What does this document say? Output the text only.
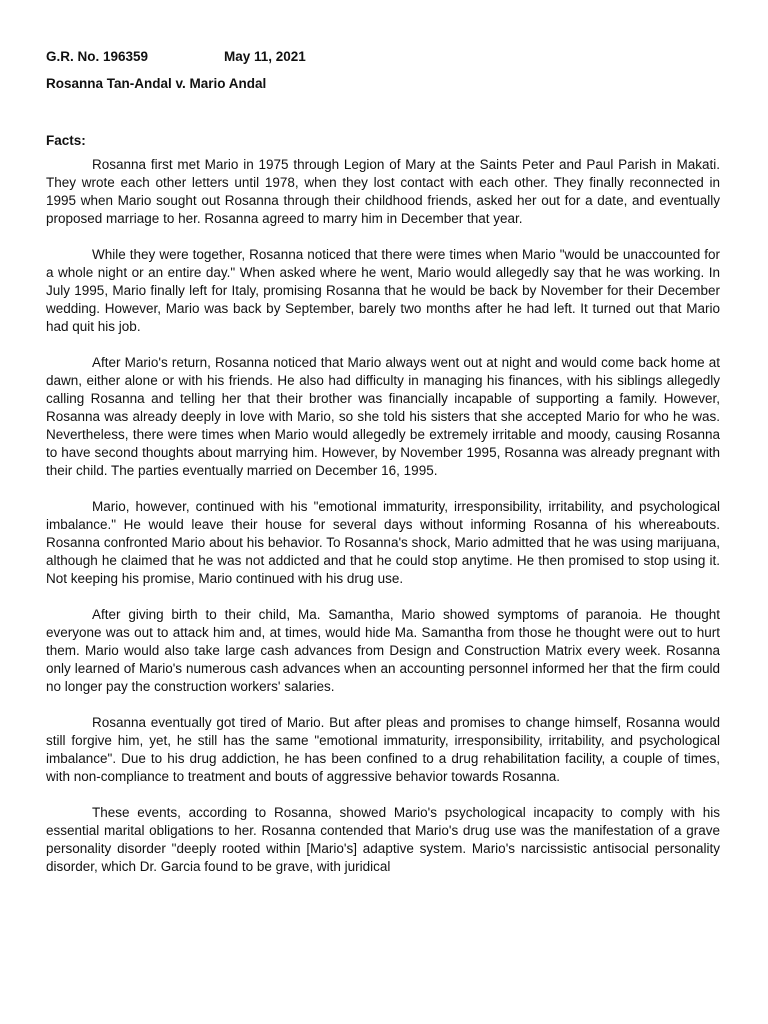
G.R. No. 196359	May 11, 2021
Rosanna Tan-Andal v. Mario Andal
Facts:

Rosanna first met Mario in 1975 through Legion of Mary at the Saints Peter and Paul Parish in Makati. They wrote each other letters until 1978, when they lost contact with each other. They finally reconnected in 1995 when Mario sought out Rosanna through their childhood friends, asked her out for a date, and eventually proposed marriage to her. Rosanna agreed to marry him in December that year.

While they were together, Rosanna noticed that there were times when Mario "would be unaccounted for a whole night or an entire day." When asked where he went, Mario would allegedly say that he was working. In July 1995, Mario finally left for Italy, promising Rosanna that he would be back by November for their December wedding. However, Mario was back by September, barely two months after he had left. It turned out that Mario had quit his job.

After Mario's return, Rosanna noticed that Mario always went out at night and would come back home at dawn, either alone or with his friends. He also had difficulty in managing his finances, with his siblings allegedly calling Rosanna and telling her that their brother was financially incapable of supporting a family. However, Rosanna was already deeply in love with Mario, so she told his sisters that she accepted Mario for who he was. Nevertheless, there were times when Mario would allegedly be extremely irritable and moody, causing Rosanna to have second thoughts about marrying him. However, by November 1995, Rosanna was already pregnant with their child. The parties eventually married on December 16, 1995.

Mario, however, continued with his "emotional immaturity, irresponsibility, irritability, and psychological imbalance." He would leave their house for several days without informing Rosanna of his whereabouts. Rosanna confronted Mario about his behavior. To Rosanna's shock, Mario admitted that he was using marijuana, although he claimed that he was not addicted and that he could stop anytime. He then promised to stop using it. Not keeping his promise, Mario continued with his drug use.

After giving birth to their child, Ma. Samantha, Mario showed symptoms of paranoia. He thought everyone was out to attack him and, at times, would hide Ma. Samantha from those he thought were out to hurt them. Mario would also take large cash advances from Design and Construction Matrix every week. Rosanna only learned of Mario's numerous cash advances when an accounting personnel informed her that the firm could no longer pay the construction workers' salaries.

Rosanna eventually got tired of Mario. But after pleas and promises to change himself, Rosanna would still forgive him, yet, he still has the same "emotional immaturity, irresponsibility, irritability, and psychological imbalance". Due to his drug addiction, he has been confined to a drug rehabilitation facility, a couple of times, with non-compliance to treatment and bouts of aggressive behavior towards Rosanna.

These events, according to Rosanna, showed Mario's psychological incapacity to comply with his essential marital obligations to her. Rosanna contended that Mario's drug use was the manifestation of a grave personality disorder "deeply rooted within [Mario's] adaptive system. Mario's narcissistic antisocial personality disorder, which Dr. Garcia found to be grave, with juridical
